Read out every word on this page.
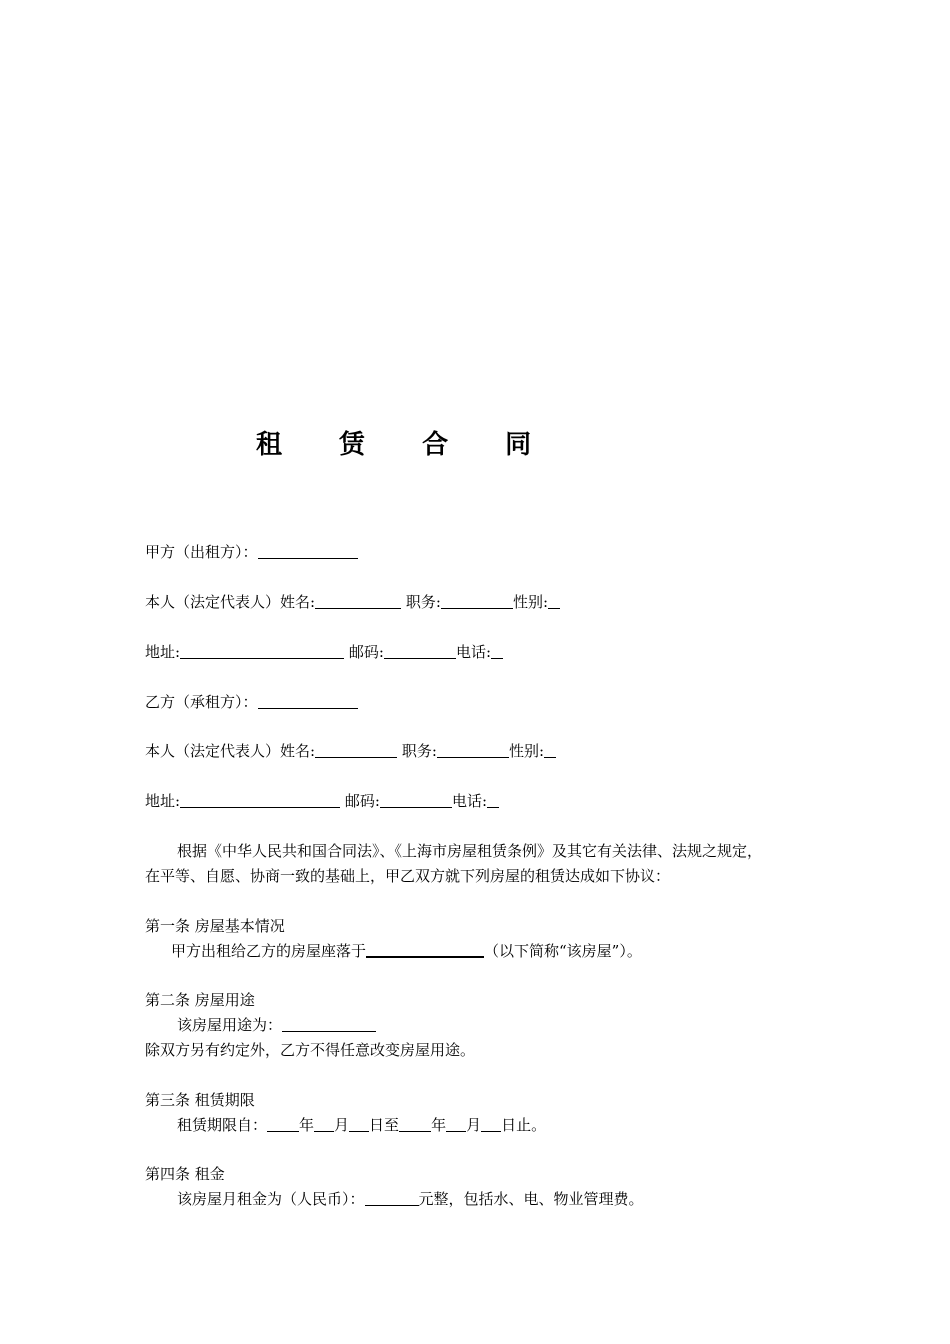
租 赁 合 同
甲方（出租方）：
本人（法定代表人）姓名:	职务:	性别:
地址:	邮码:	电话:
乙方（承租方）：
本人（法定代表人）姓名:	职务:	性别:
地址:	邮码:	电话:
根据《中华人民共和国合同法》、《上海市房屋租赁条例》及其它有关法律、法规之规定，
在平等、自愿、协商一致的基础上，甲乙双方就下列房屋的租赁达成如下协议：
第一条 房屋基本情况
甲方出租给乙方的房屋座落于	（以下简称“该房屋”）。
第二条 房屋用途
该房屋用途为：
除双方另有约定外，乙方不得任意改变房屋用途。
第三条 租赁期限
租赁期限自： 年 月 日至 年 月 日止。
第四条 租金
该房屋月租金为（人民币）：	元整，包括水、电、物业管理费。
